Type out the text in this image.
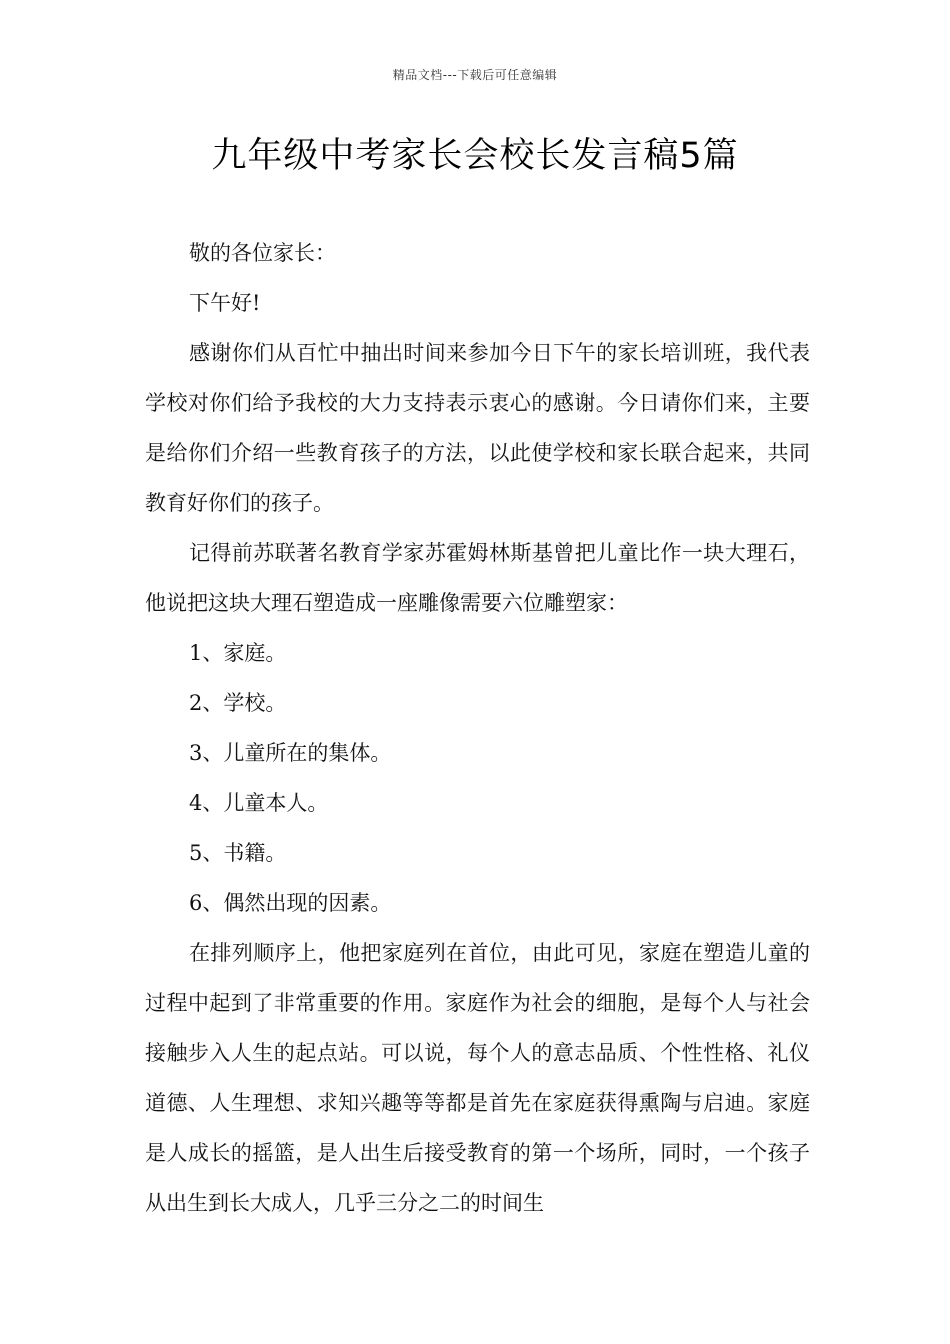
精品文档---下载后可任意编辑
九年级中考家长会校长发言稿5篇

敬的各位家长：

下午好!

感谢你们从百忙中抽出时间来参加今日下午的家长培训班，我代表学校对你们给予我校的大力支持表示衷心的感谢。今日请你们来，主要是给你们介绍一些教育孩子的方法，以此使学校和家长联合起来，共同教育好你们的孩子。

记得前苏联著名教育学家苏霍姆林斯基曾把儿童比作一块大理石，他说把这块大理石塑造成一座雕像需要六位雕塑家：

1、家庭。

2、学校。

3、儿童所在的集体。

4、儿童本人。

5、书籍。

6、偶然出现的因素。

在排列顺序上，他把家庭列在首位，由此可见，家庭在塑造儿童的过程中起到了非常重要的作用。家庭作为社会的细胞，是每个人与社会接触步入人生的起点站。可以说，每个人的意志品质、个性性格、礼仪道德、人生理想、求知兴趣等等都是首先在家庭获得熏陶与启迪。家庭是人成长的摇篮，是人出生后接受教育的第一个场所，同时，一个孩子从出生到长大成人，几乎三分之二的时间生
